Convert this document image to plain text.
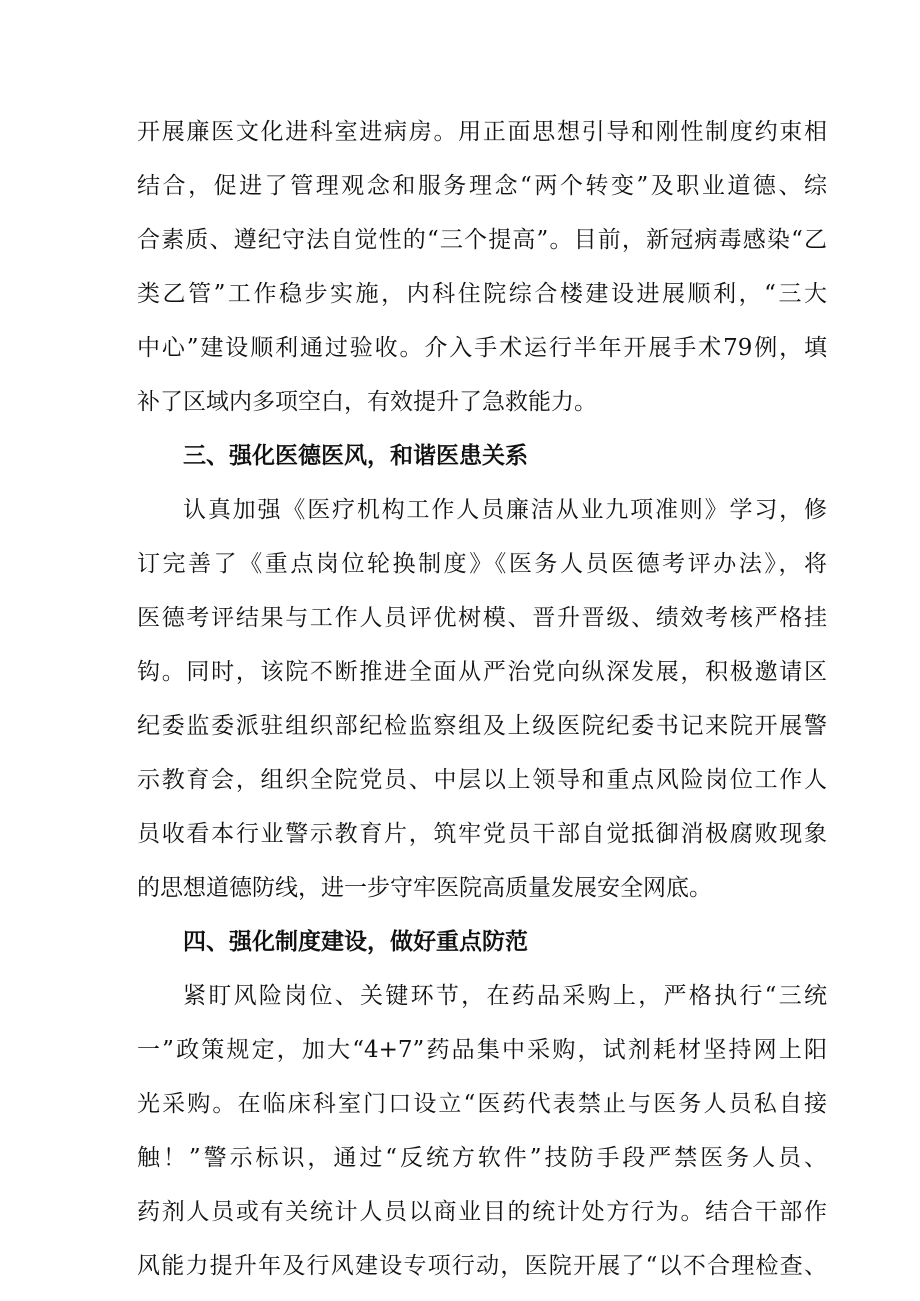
开展廉医文化进科室进病房。用正面思想引导和刚性制度约束相
结合，促进了管理观念和服务理念“两个转变”及职业道德、综
合素质、遵纪守法自觉性的“三个提高”。目前，新冠病毒感染“乙
类乙管”工作稳步实施，内科住院综合楼建设进展顺利，“三大
中心”建设顺利通过验收。介入手术运行半年开展手术79例，填
补了区域内多项空白，有效提升了急救能力。
三、强化医德医风，和谐医患关系
认真加强《医疗机构工作人员廉洁从业九项准则》学习，修
订完善了《重点岗位轮换制度》《医务人员医德考评办法》，将
医德考评结果与工作人员评优树模、晋升晋级、绩效考核严格挂
钩。同时，该院不断推进全面从严治党向纵深发展，积极邀请区
纪委监委派驻组织部纪检监察组及上级医院纪委书记来院开展警
示教育会，组织全院党员、中层以上领导和重点风险岗位工作人
员收看本行业警示教育片，筑牢党员干部自觉抵御消极腐败现象
的思想道德防线，进一步守牢医院高质量发展安全网底。
四、强化制度建设，做好重点防范
紧盯风险岗位、关键环节，在药品采购上，严格执行“三统
一”政策规定，加大“4+7”药品集中采购，试剂耗材坚持网上阳
光采购。在临床科室门口设立“医药代表禁止与医务人员私自接
触！”警示标识，通过“反统方软件”技防手段严禁医务人员、
药剂人员或有关统计人员以商业目的统计处方行为。结合干部作
风能力提升年及行风建设专项行动，医院开展了“以不合理检查、
